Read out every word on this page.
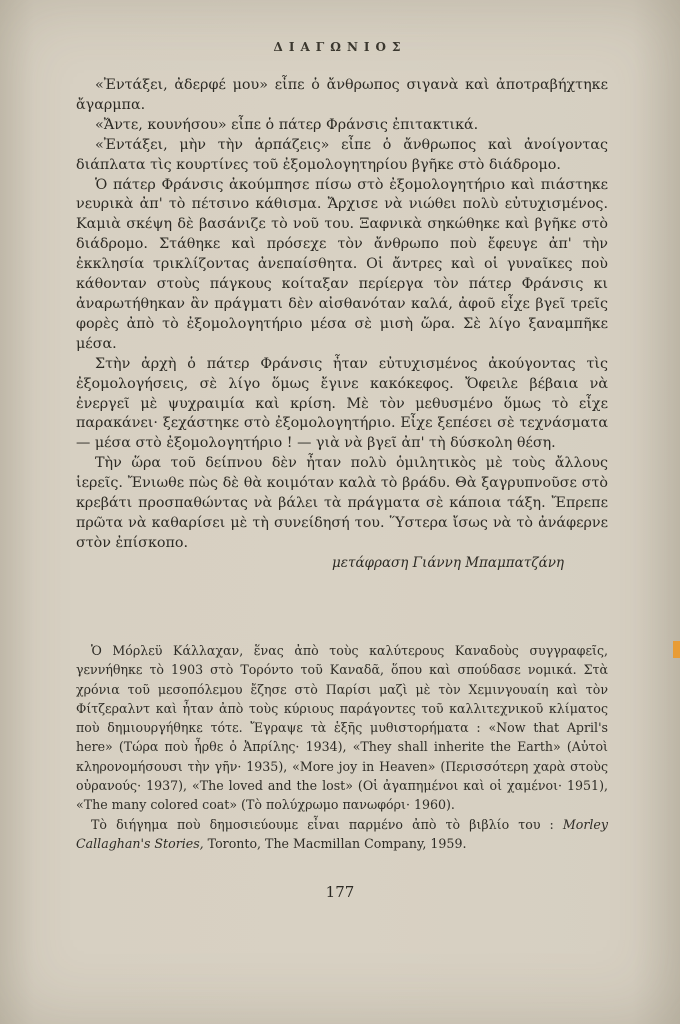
ΔΙΑΓΩΝΙΟΣ

«Ἐντάξει, ἀδερφέ μου» εἶπε ὁ ἄνθρωπος σιγανὰ καὶ ἀποτραβήχτηκε ἄγαρμπα.

«Ἄντε, κουνήσου» εἶπε ὁ πάτερ Φράνσις ἐπιτακτικά.

«Ἐντάξει, μὴν τὴν ἁρπάζεις» εἶπε ὁ ἄνθρωπος καὶ ἀνοίγοντας διάπλατα τὶς κουρτίνες τοῦ ἐξομολογητηρίου βγῆκε στὸ διάδρομο.

Ὁ πάτερ Φράνσις ἀκούμπησε πίσω στὸ ἐξομολογητήριο καὶ πιάστηκε νευρικὰ ἀπ' τὸ πέτσινο κάθισμα. Ἄρχισε νὰ νιώθει πολὺ εὐτυχισμένος. Καμιὰ σκέψη δὲ βασάνιζε τὸ νοῦ του. Ξαφνικὰ σηκώθηκε καὶ βγῆκε στὸ διάδρομο. Στάθηκε καὶ πρόσεχε τὸν ἄνθρωπο ποὺ ἔφευγε ἀπ' τὴν ἐκκλησία τρικλίζοντας ἀνεπαίσθητα. Οἱ ἄντρες καὶ οἱ γυναῖκες ποὺ κάθονταν στοὺς πάγκους κοίταξαν περίεργα τὸν πάτερ Φράνσις κι ἀναρωτήθηκαν ἂν πράγματι δὲν αἰσθανόταν καλά, ἀφοῦ εἶχε βγεῖ τρεῖς φορὲς ἀπὸ τὸ ἐξομολογητήριο μέσα σὲ μισὴ ὥρα. Σὲ λίγο ξαναμπῆκε μέσα.

Στὴν ἀρχὴ ὁ πάτερ Φράνσις ἦταν εὐτυχισμένος ἀκούγοντας τὶς ἐξομολογήσεις, σὲ λίγο ὅμως ἔγινε κακόκεφος. Ὄφειλε βέβαια νὰ ἐνεργεῖ μὲ ψυχραιμία καὶ κρίση. Μὲ τὸν μεθυσμένο ὅμως τὸ εἶχε παρακάνει· ξεχάστηκε στὸ ἐξομολογητήριο. Εἶχε ξεπέσει σὲ τεχνάσματα — μέσα στὸ ἐξομολογητήριο ! — γιὰ νὰ βγεῖ ἀπ' τὴ δύσκολη θέση.

Τὴν ὥρα τοῦ δείπνου δὲν ἦταν πολὺ ὁμιλητικὸς μὲ τοὺς ἄλλους ἱερεῖς. Ἔνιωθε πὼς δὲ θὰ κοιμόταν καλὰ τὸ βράδυ. Θὰ ξαγρυπνοῦσε στὸ κρεβάτι προσπαθώντας νὰ βάλει τὰ πράγματα σὲ κάποια τάξη. Ἔπρεπε πρῶτα νὰ καθαρίσει μὲ τὴ συνείδησή του. Ὕστερα ἴσως νὰ τὸ ἀνάφερνε στὸν ἐπίσκοπο.

μετάφραση Γιάννη Μπαμπατζάνη

Ὁ Μόρλεϋ Κάλλαχαν, ἕνας ἀπὸ τοὺς καλύτερους Καναδοὺς συγγραφεῖς, γεννήθηκε τὸ 1903 στὸ Τορόντο τοῦ Καναδᾶ, ὅπου καὶ σπούδασε νομικά. Στὰ χρόνια τοῦ μεσοπόλεμου ἔζησε στὸ Παρίσι μαζὶ μὲ τὸν Χεμινγουαίη καὶ τὸν Φίτζεραλντ καὶ ἦταν ἀπὸ τοὺς κύριους παράγοντες τοῦ καλλιτεχνικοῦ κλίματος ποὺ δημιουργήθηκε τότε. Ἔγραψε τὰ ἑξῆς μυθιστορήματα : «Now that April's here» (Τώρα ποὺ ἦρθε ὁ Ἀπρίλης· 1934), «They shall inherite the Earth» (Αὐτοὶ κληρονομήσουσι τὴν γῆν· 1935), «More joy in Heaven» (Περισσότερη χαρὰ στοὺς οὐρανούς· 1937), «The loved and the lost» (Οἱ ἀγαπημένοι καὶ οἱ χαμένοι· 1951), «The many colored coat» (Τὸ πολύχρωμο πανωφόρι· 1960).

Τὸ διήγημα ποὺ δημοσιεύουμε εἶναι παρμένο ἀπὸ τὸ βιβλίο του : Morley Callaghan's Stories, Toronto, The Macmillan Company, 1959.

177
